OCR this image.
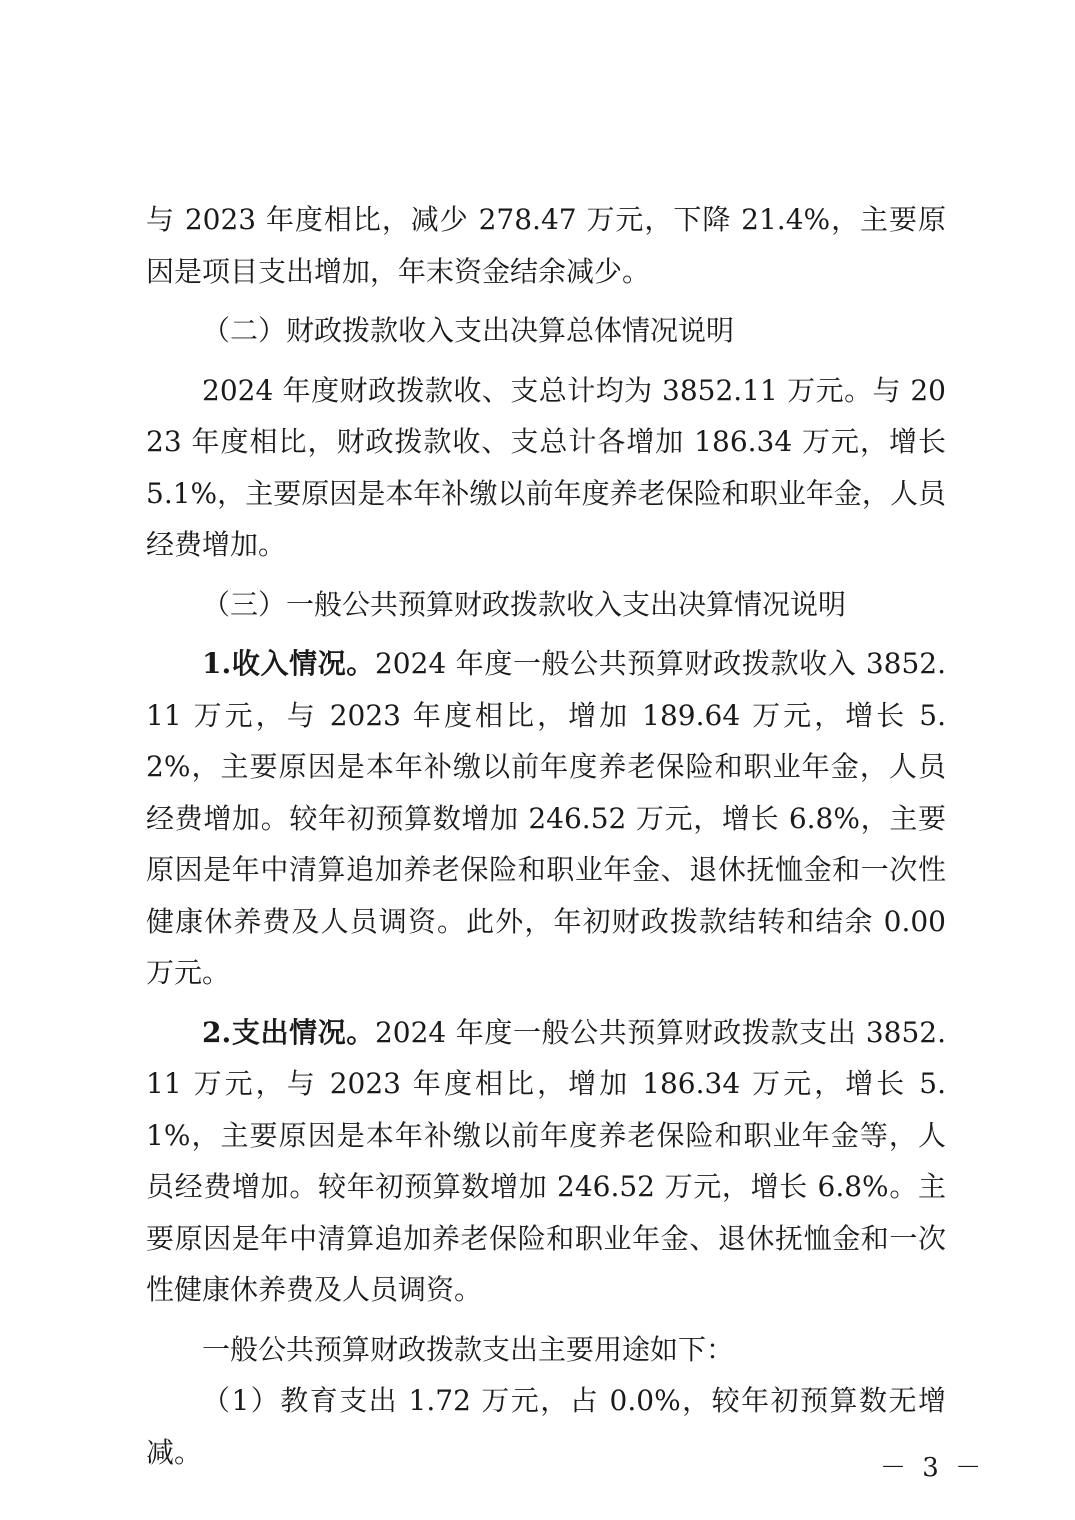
与 2023 年度相比，减少 278.47 万元，下降 21.4%，主要原因是项目支出增加，年末资金结余减少。

（二）财政拨款收入支出决算总体情况说明

2024 年度财政拨款收、支总计均为 3852.11 万元。与 2023 年度相比，财政拨款收、支总计各增加 186.34 万元，增长 5.1%，主要原因是本年补缴以前年度养老保险和职业年金，人员经费增加。

（三）一般公共预算财政拨款收入支出决算情况说明

1.收入情况。2024 年度一般公共预算财政拨款收入 3852.11 万元，与 2023 年度相比，增加 189.64 万元，增长 5.2%，主要原因是本年补缴以前年度养老保险和职业年金，人员经费增加。较年初预算数增加 246.52 万元，增长 6.8%，主要原因是年中清算追加养老保险和职业年金、退休抚恤金和一次性健康休养费及人员调资。此外，年初财政拨款结转和结余 0.00 万元。

2.支出情况。2024 年度一般公共预算财政拨款支出 3852.11 万元，与 2023 年度相比，增加 186.34 万元，增长 5.1%，主要原因是本年补缴以前年度养老保险和职业年金等，人员经费增加。较年初预算数增加 246.52 万元，增长 6.8%。主要原因是年中清算追加养老保险和职业年金、退休抚恤金和一次性健康休养费及人员调资。

一般公共预算财政拨款支出主要用途如下：

（1）教育支出 1.72 万元，占 0.0%，较年初预算数无增减。	－ 3 －
